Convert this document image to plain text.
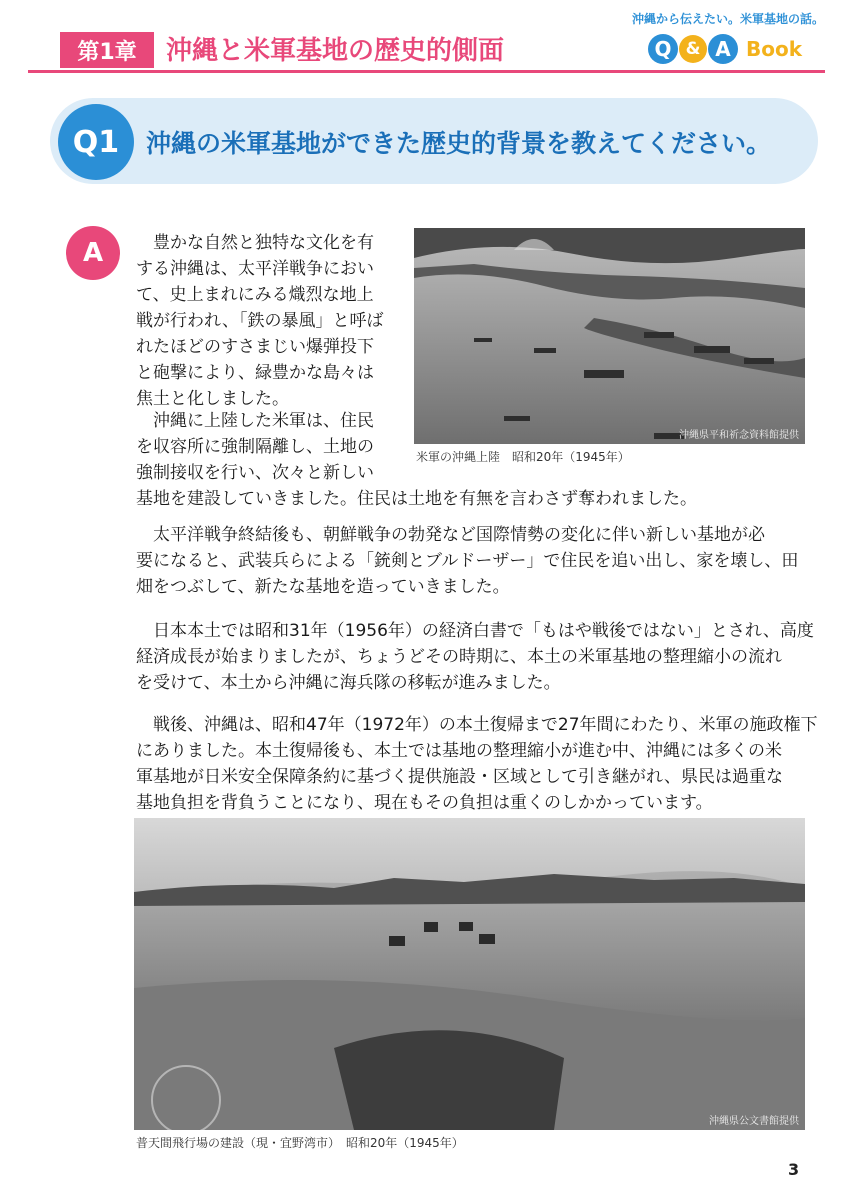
第1章	沖縄と米軍基地の歴史的側面
沖縄から伝えたい。米軍基地の話。
Q & A Book
Q1	沖縄の米軍基地ができた歴史的背景を教えてください。
A	豊かな自然と独特な文化を有
する沖縄は、太平洋戦争におい
て、史上まれにみる熾烈な地上
戦が行われ、「鉄の暴風」と呼ば
れたほどのすさまじい爆弾投下
と砲撃により、緑豊かな島々は
焦土と化しました。
沖縄に上陸した米軍は、住民
を収容所に強制隔離し、土地の
強制接収を行い、次々と新しい
基地を建設していきました。住民は土地を有無を言わさず奪われました。
沖縄県平和祈念資料館提供
米軍の沖縄上陸　昭和20年（1945年）
太平洋戦争終結後も、朝鮮戦争の勃発など国際情勢の変化に伴い新しい基地が必
要になると、武装兵らによる「銃剣とブルドーザー」で住民を追い出し、家を壊し、田
畑をつぶして、新たな基地を造っていきました。
日本本土では昭和31年（1956年）の経済白書で「もはや戦後ではない」とされ、高度
経済成長が始まりましたが、ちょうどその時期に、本土の米軍基地の整理縮小の流れ
を受けて、本土から沖縄に海兵隊の移転が進みました。
戦後、沖縄は、昭和47年（1972年）の本土復帰まで27年間にわたり、米軍の施政権下
にありました。本土復帰後も、本土では基地の整理縮小が進む中、沖縄には多くの米
軍基地が日米安全保障条約に基づく提供施設・区域として引き継がれ、県民は過重な
基地負担を背負うことになり、現在もその負担は重くのしかかっています。
沖縄県公文書館提供
普天間飛行場の建設（現・宜野湾市）　昭和20年（1945年）
3
